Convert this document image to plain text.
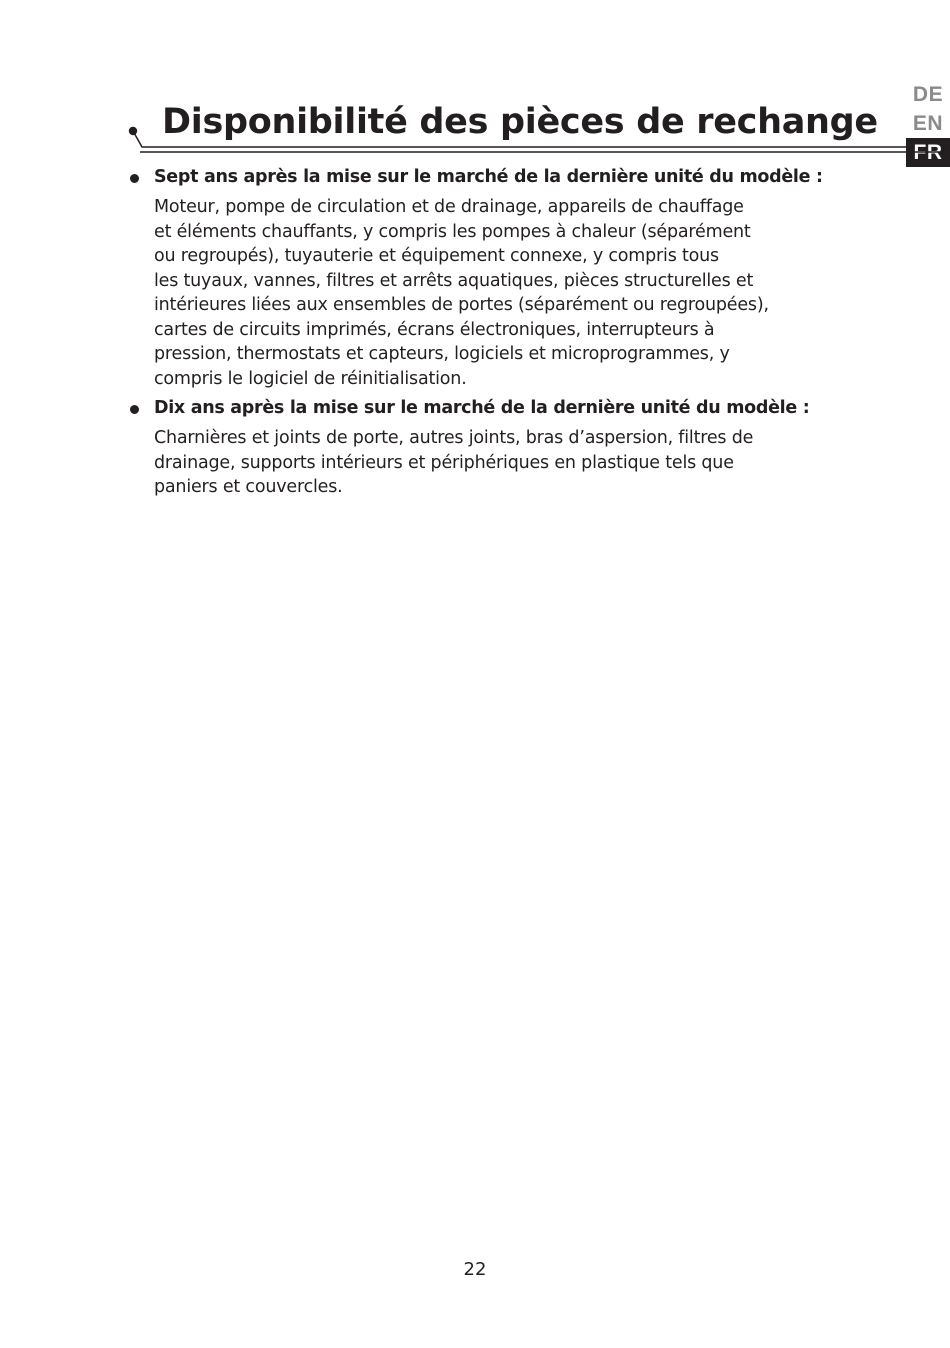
DE
EN
FR
Disponibilité des pièces de rechange
Sept ans après la mise sur le marché de la dernière unité du modèle :

Moteur, pompe de circulation et de drainage, appareils de chauffage
et éléments chauffants, y compris les pompes à chaleur (séparément
ou regroupés), tuyauterie et équipement connexe, y compris tous
les tuyaux, vannes, filtres et arrêts aquatiques, pièces structurelles et
intérieures liées aux ensembles de portes (séparément ou regroupées),
cartes de circuits imprimés, écrans électroniques, interrupteurs à
pression, thermostats et capteurs, logiciels et microprogrammes, y
compris le logiciel de réinitialisation.

Dix ans après la mise sur le marché de la dernière unité du modèle :

Charnières et joints de porte, autres joints, bras d’aspersion, filtres de
drainage, supports intérieurs et périphériques en plastique tels que
paniers et couvercles.

22
